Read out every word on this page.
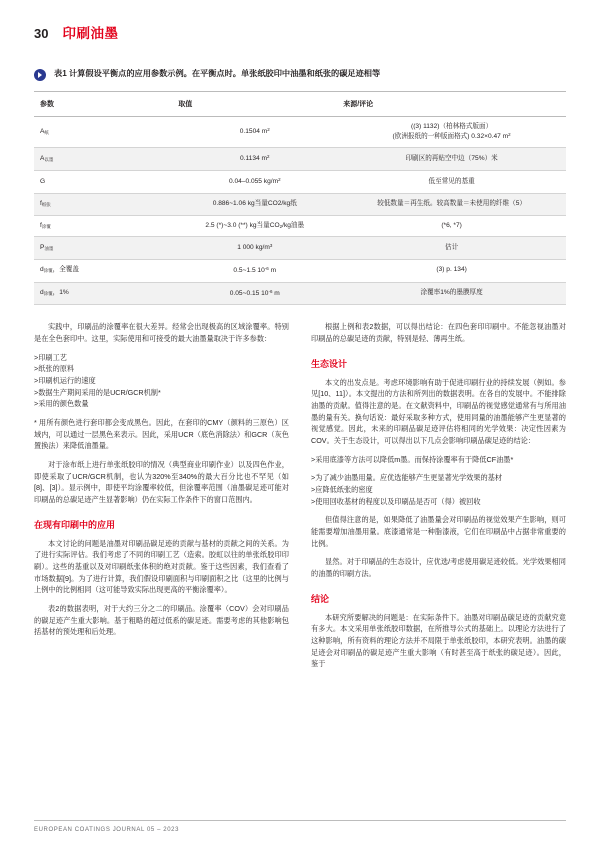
30 印刷油墨
表1 计算假设平衡点的应用参数示例。在平衡点时。单张纸胶印中油墨和纸张的碳足迹相等
参数	取值	来源/评论
$A_纸$	0.1504 $m^2$	((3) 1132)（柏林格式版面）
(欧洲报纸的一种版面格式) 0.32×0.47 $m^2$
$A_{以墨}$	0.1134 $m^2$	印刷区的再贴空中边（75%）米
G	0.04–0.055 $kg/m^2$	低至常见的基重
$f_{纸张}$	0.886~1.06 kg当量CO2/kg纸	较低数量＝再生纸。较高数量＝未使用的纤维（5）
$f_{涂覆}$	2.5 (*)~3.0 (**) kg当量$CO_2/kg$油墨	(*6, *7)
$P_{油墨}$	1 000 $kg/m^3$	估计
$d_{涂覆}$，全覆盖	0.5~1.5 $10^{-6}$ m	(3) p. 134)
$d_{涂覆}$，1%	0.05~0.15 $10^{-6}$ m	涂覆率1%的墨膜厚度

实践中，印刷品的涂覆率在很大差异。经常会出现极高的区域涂覆率。特别是在全色套印中。这里，实际使用和可接受的最大油墨量取决于许多参数：

>印刷工艺
>纸张的原料
>印刷机运行的速度
>数据生产期间采用的是UCR/GCR机制*
>采用的颜色数量

* 用所有颜色进行套印都会变成黑色。因此，在套印的CMY（颜料的三原色）区域内，可以通过一层黑色来表示。因此，采用UCR（底色消除法）和GCR（灰色置换法）来降低油墨量。

对于涂布纸上进行单张纸胶印的情况（典型商业印刷作业）以及四色作业，即使采取了UCR/GCR机制，也认为320%至340%的最大百分比也不罕见（如[8]、[3]）。显示例中，即使平均涂覆率较低，但涂覆率范围（油墨碳足迹可能对印刷品的总碳足迹产生显著影响）仍在实际工作条件下的窗口范围内。

在现有印刷中的应用

本文讨论的问题是油墨对印刷品碳足迹的贡献与基材的贡献之间的关系。为了进行实际评估。我们考虑了不同的印刷工艺（造索。胶虹以往的单张纸胶印印刷）。这些的基重以及对印刷纸张体积的绝对贡献。鉴于这些因素，我们查看了市场数据[9]。为了进行计算，我们假设印刷面积与印刷面积之比（这里的比例与上例中的比例相同（这可能导致实际出现更高的平衡涂覆率）。

表2的数据表明，对于大约三分之二的印刷品。涂覆率（COV）会对印刷品的碳足迹产生重大影响。基于粗略的超过低系的碳足迹。需要考虑的其他影响包括基材的预处理和后处理。

根据上例和表2数据，可以得出结论：在四色套印印刷中。不能忽视油墨对印刷品的总碳足迹的贡献，特别是轻、薄再生纸。

生态设计

本文的出发点是。考虑环境影响有助于促进印刷行业的持续发展（例如。参见[10、11]）。本文提出的方法和所列出的数据表明。在各自的发展中。不能排除油墨的贡献。值得注意的是。在文献资料中，印刷品的视觉感觉通常有与所用油墨的量有关。换句话说：最好采取多种方式，使用同量的油墨能够产生更显著的视觉感觉。因此，未来的印刷品碳足迹评估将相同的光学效果：决定性因素为COV。关于生态设计，可以得出以下几点会影响印刷品碳足迹的结论：

>采用底漆等方法可以降低m墨。而保持涂覆率有于降低CF油墨*

>为了减少油墨用量。应优选能够产生更显著光学效果的基材
>应降低纸张的密度
>使用回收基材的程度以及印刷品是否可（得）被回收

但值得注意的是，如果降低了油墨量会对印刷品的视觉效果产生影响，则可能需要增加油墨用量。底漆通常是一种脂漆液，它们在印刷品中占据非常重要的比例。

显然。对于印刷品的生态设计，应优选/考虑使用碳足迹较低。光学效果相同的油墨的印刷方法。

结论

本研究所要解决的问题是：在实际条件下。油墨对印刷品碳足迹的贡献究竟有多大。本文采用单张纸胶印数据，在所推导公式的基础上。以理论方法进行了这种影响，所有资料的理论方法并不局限于单张纸胶印，本研究表明。油墨的碳足迹会对印刷品的碳足迹产生重大影响（有时甚至高于纸张的碳足迹）。因此，鉴于

EUROPEAN COATINGS JOURNAL 05 – 2023
